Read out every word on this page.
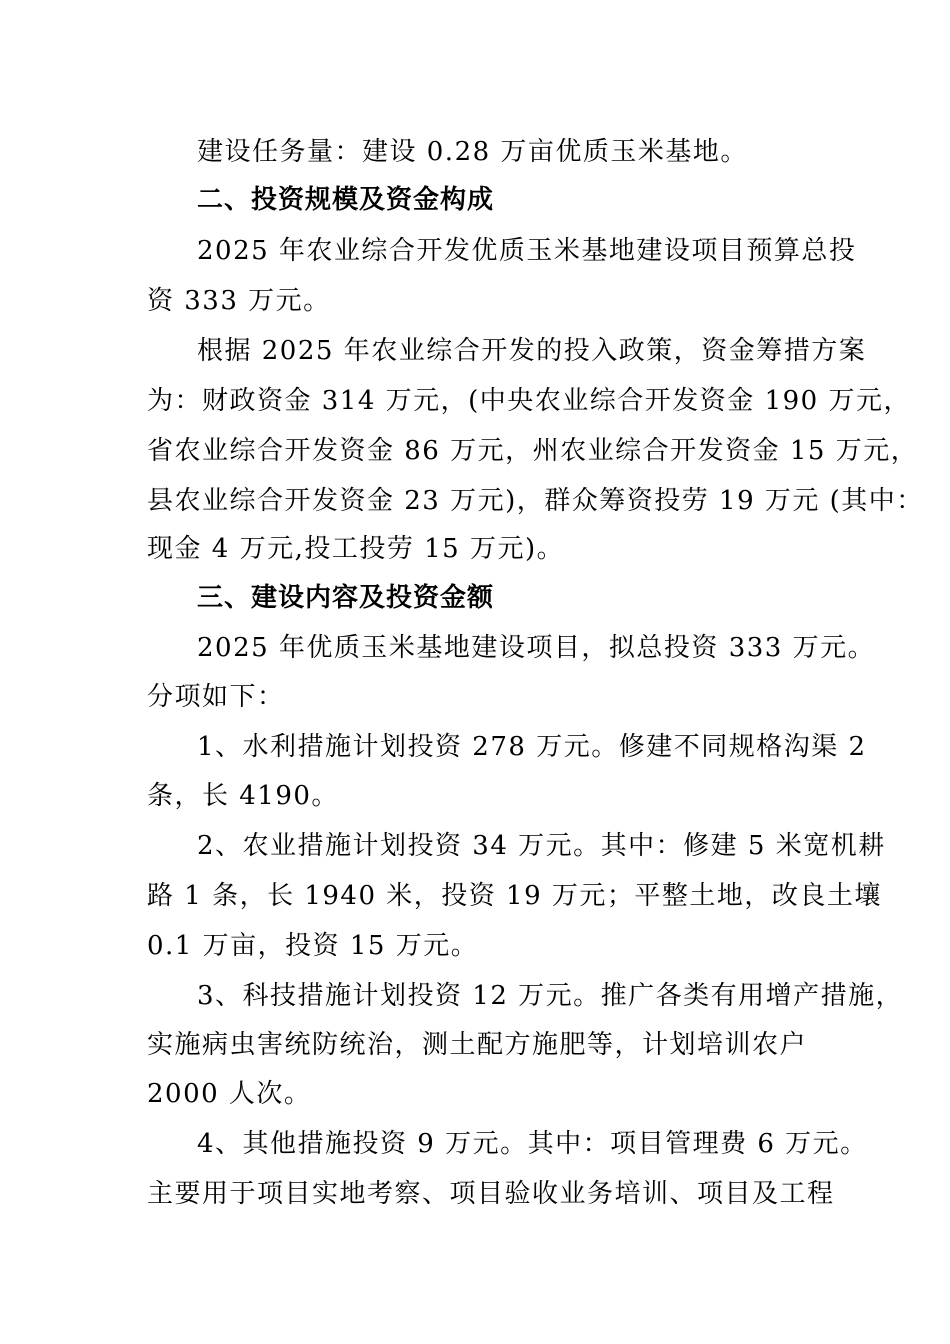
建设任务量：建设 0.28 万亩优质玉米基地。
二、投资规模及资金构成
2025 年农业综合开发优质玉米基地建设项目预算总投
资 333 万元。
根据 2025 年农业综合开发的投入政策，资金筹措方案
为：财政资金 314 万元，(中央农业综合开发资金 190 万元，
省农业综合开发资金 86 万元，州农业综合开发资金 15 万元，
县农业综合开发资金 23 万元)，群众筹资投劳 19 万元 (其中：
现金 4 万元,投工投劳 15 万元)。
三、建设内容及投资金额
2025 年优质玉米基地建设项目，拟总投资 333 万元。
分项如下：
1、水利措施计划投资 278 万元。修建不同规格沟渠 2
条，长 4190。
2、农业措施计划投资 34 万元。其中：修建 5 米宽机耕
路 1 条，长 1940 米，投资 19 万元；平整土地，改良土壤
0.1 万亩，投资 15 万元。
3、科技措施计划投资 12 万元。推广各类有用增产措施，
实施病虫害统防统治，测土配方施肥等，计划培训农户
2000 人次。
4、其他措施投资 9 万元。其中：项目管理费 6 万元。
主要用于项目实地考察、项目验收业务培训、项目及工程
